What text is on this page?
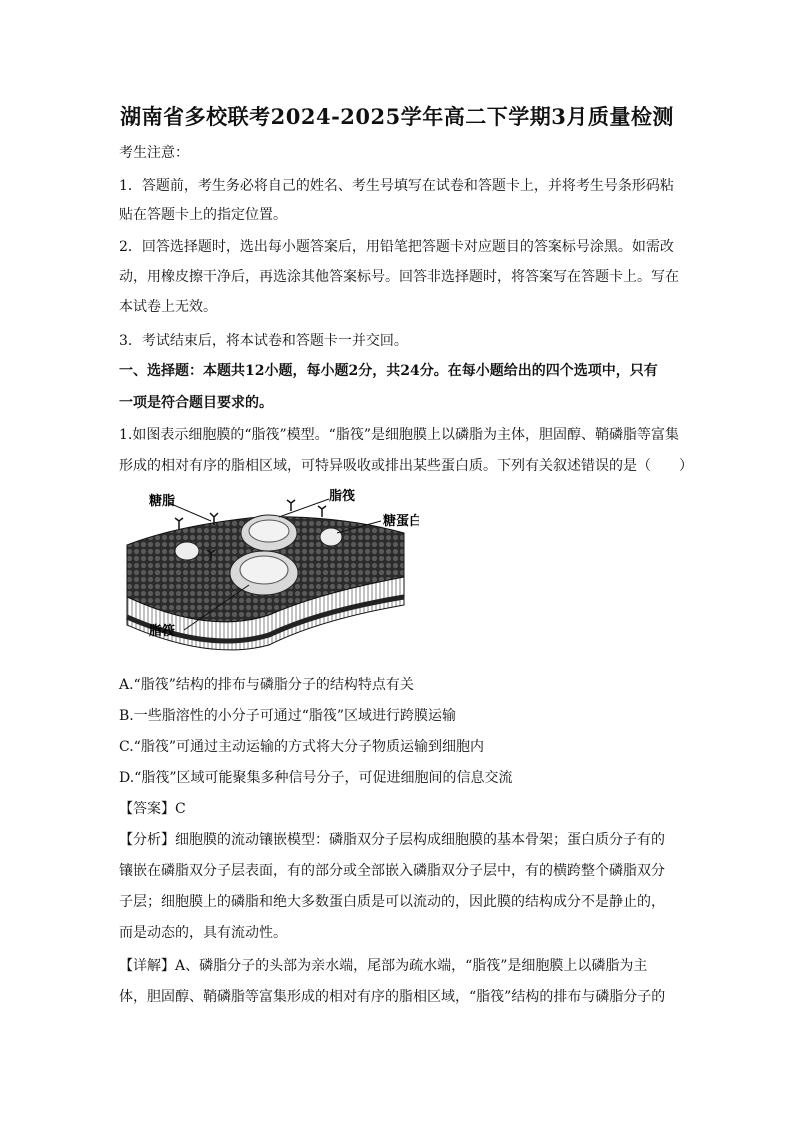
湖南省多校联考2024-2025学年高二下学期3月质量检测
考生注意：
1．答题前，考生务必将自己的姓名、考生号填写在试卷和答题卡上，并将考生号条形码粘
贴在答题卡上的指定位置。
2．回答选择题时，选出每小题答案后，用铅笔把答题卡对应题目的答案标号涂黑。如需改
动，用橡皮擦干净后，再选涂其他答案标号。回答非选择题时，将答案写在答题卡上。写在
本试卷上无效。
3．考试结束后，将本试卷和答题卡一并交回。
一、选择题：本题共12小题，每小题2分，共24分。在每小题给出的四个选项中，只有
一项是符合题目要求的。
1.如图表示细胞膜的“脂筏”模型。“脂筏”是细胞膜上以磷脂为主体，胆固醇、鞘磷脂等富集
形成的相对有序的脂相区域，可特异吸收或排出某些蛋白质。下列有关叙述错误的是（　　）
糖脂	脂筏
糖蛋白
脂筏
A.“脂筏”结构的排布与磷脂分子的结构特点有关
B.一些脂溶性的小分子可通过“脂筏”区域进行跨膜运输
C.“脂筏”可通过主动运输的方式将大分子物质运输到细胞内
D.“脂筏”区域可能聚集多种信号分子，可促进细胞间的信息交流
【答案】C
【分析】细胞膜的流动镶嵌模型：磷脂双分子层构成细胞膜的基本骨架；蛋白质分子有的
镶嵌在磷脂双分子层表面，有的部分或全部嵌入磷脂双分子层中，有的横跨整个磷脂双分
子层；细胞膜上的磷脂和绝大多数蛋白质是可以流动的，因此膜的结构成分不是静止的，
而是动态的，具有流动性。
【详解】A、磷脂分子的头部为亲水端，尾部为疏水端，“脂筏”是细胞膜上以磷脂为主
体，胆固醇、鞘磷脂等富集形成的相对有序的脂相区域，“脂筏”结构的排布与磷脂分子的
